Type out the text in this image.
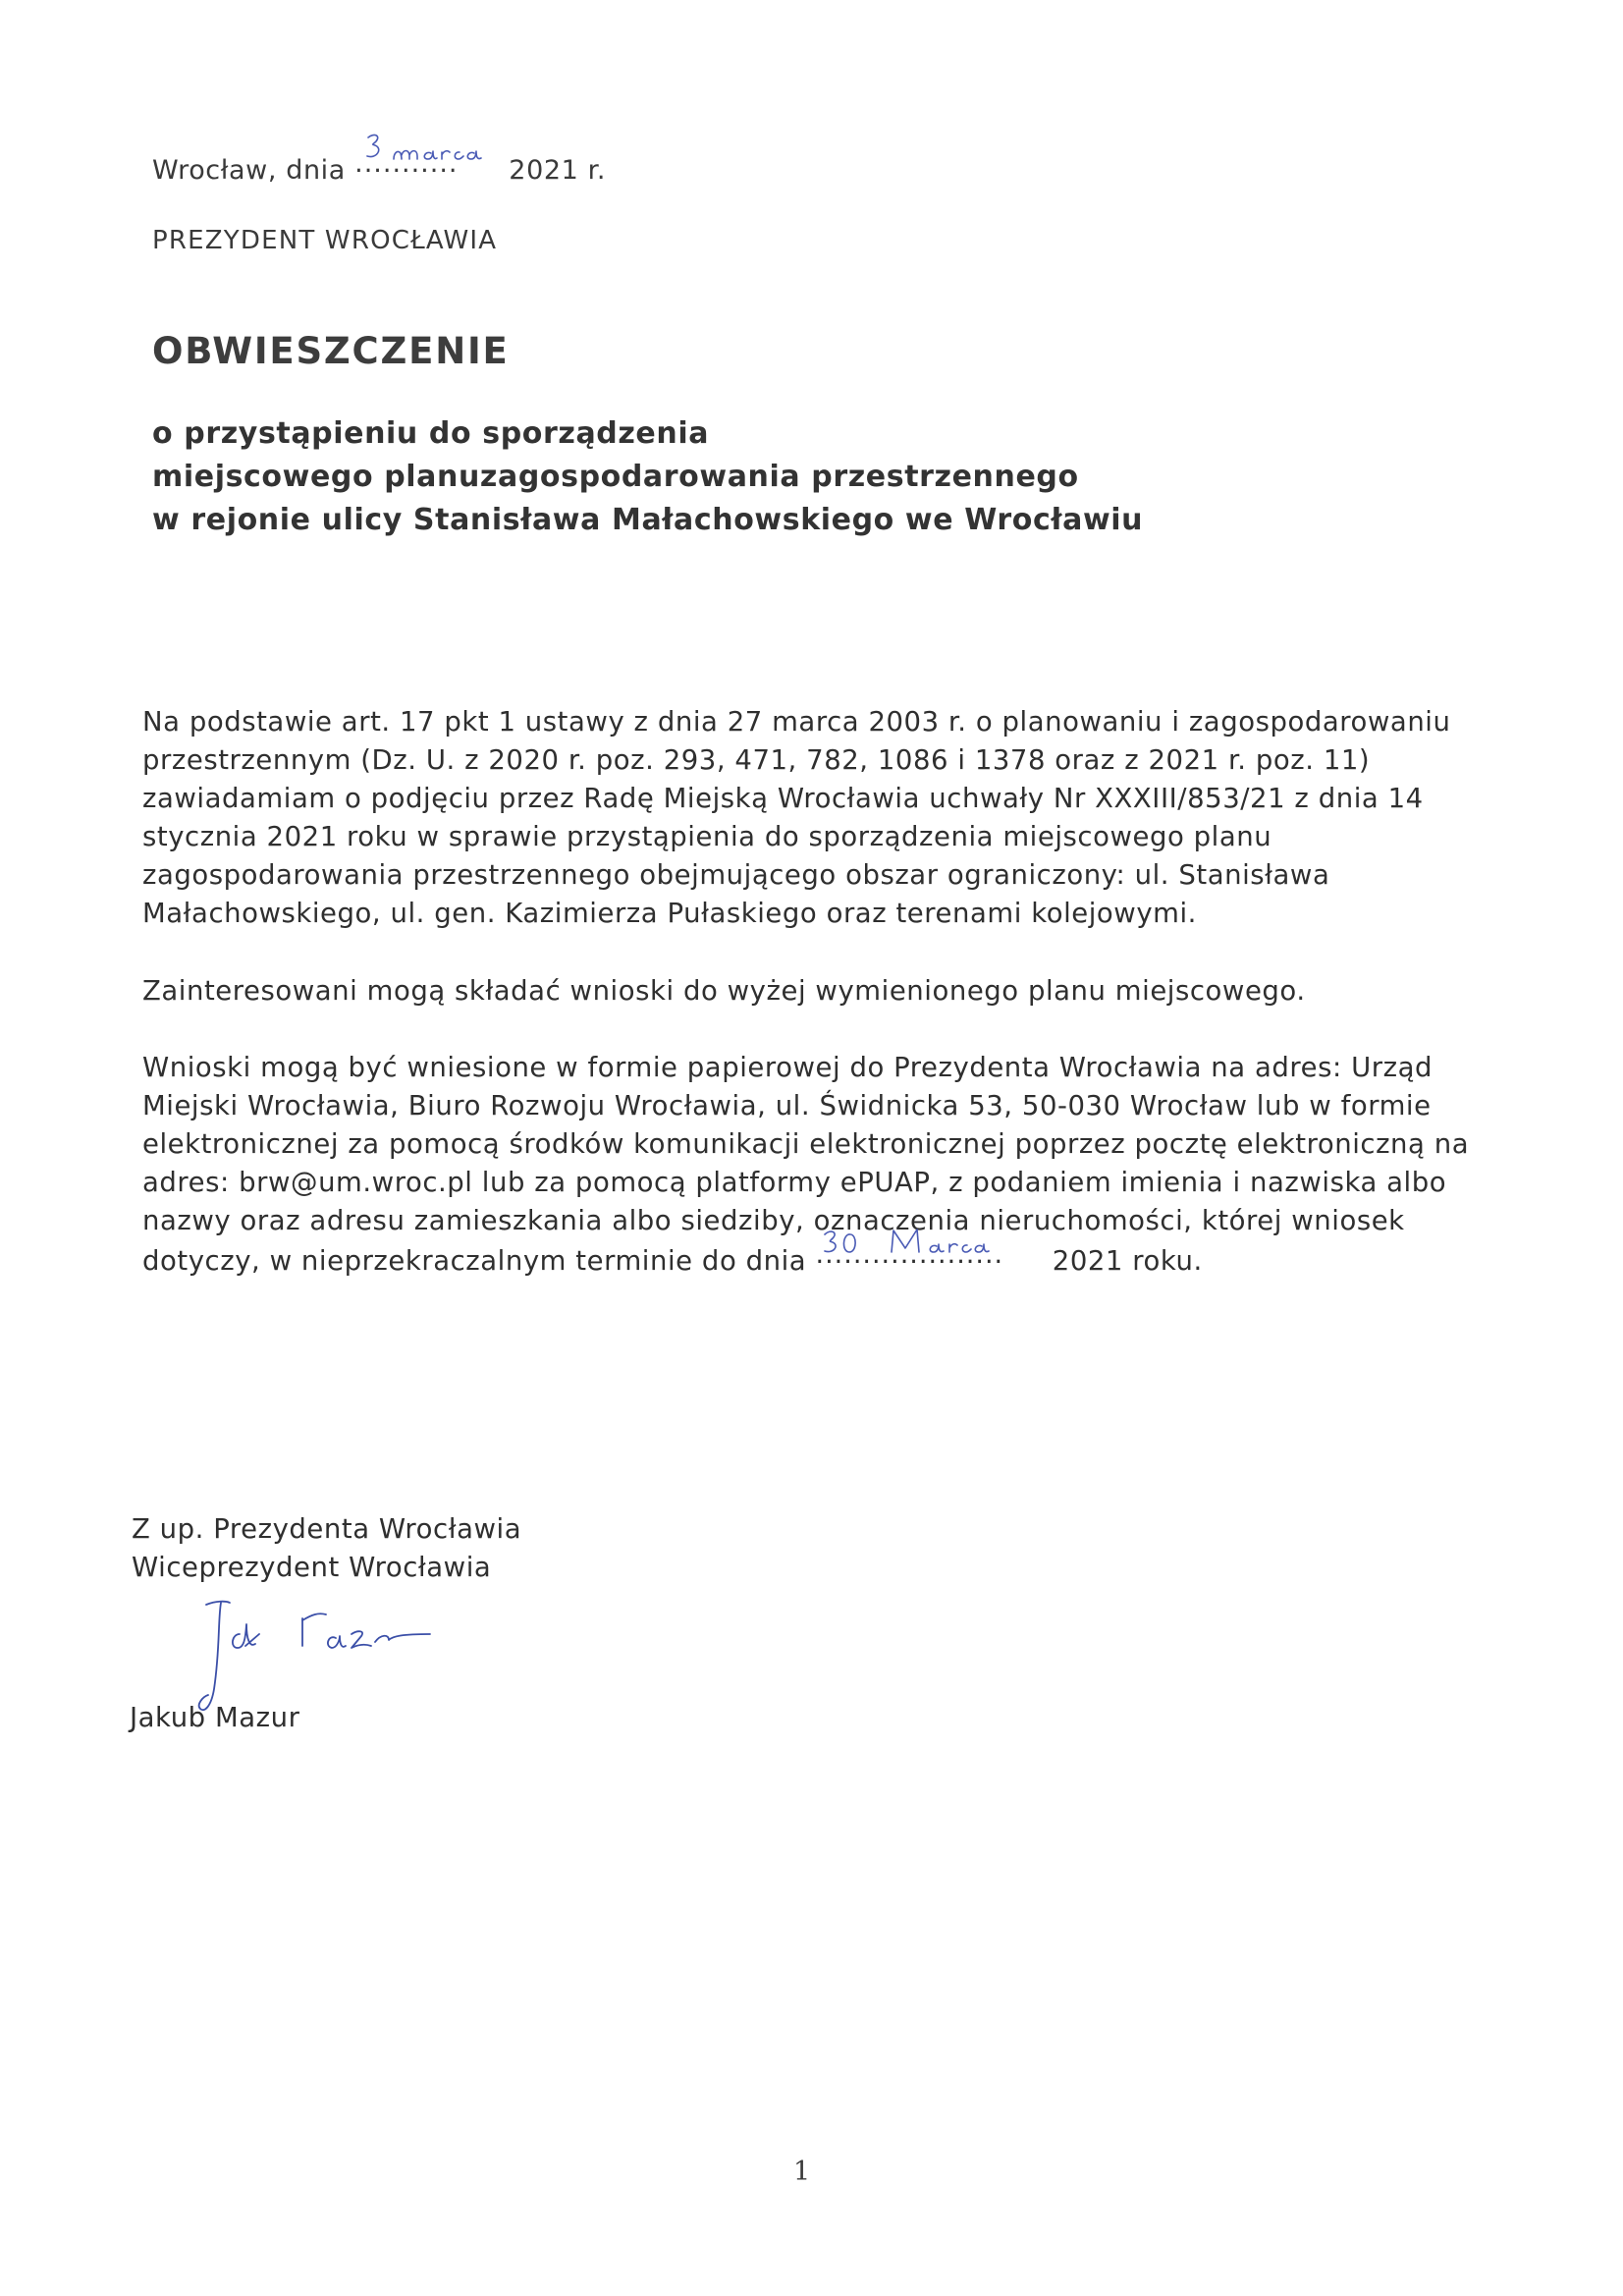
Wrocław, dnia ........... 2021 r.
PREZYDENT WROCŁAWIA
OBWIESZCZENIE
o przystąpieniu do sporządzenia
miejscowego planuzagospodarowania przestrzennego
w rejonie ulicy Stanisława Małachowskiego we Wrocławiu
Na podstawie art. 17 pkt 1 ustawy z dnia 27 marca 2003 r. o planowaniu i zagospodarowaniu
przestrzennym (Dz. U. z 2020 r. poz. 293, 471, 782, 1086 i 1378 oraz z 2021 r. poz. 11)
zawiadamiam o podjęciu przez Radę Miejską Wrocławia uchwały Nr XXXIII/853/21 z dnia 14
stycznia 2021 roku w sprawie przystąpienia do sporządzenia miejscowego planu
zagospodarowania przestrzennego obejmującego obszar ograniczony: ul. Stanisława
Małachowskiego, ul. gen. Kazimierza Pułaskiego oraz terenami kolejowymi.
Zainteresowani mogą składać wnioski do wyżej wymienionego planu miejscowego.
Wnioski mogą być wniesione w formie papierowej do Prezydenta Wrocławia na adres: Urząd
Miejski Wrocławia, Biuro Rozwoju Wrocławia, ul. Świdnicka 53, 50-030 Wrocław lub w formie
elektronicznej za pomocą środków komunikacji elektronicznej poprzez pocztę elektroniczną na
adres: brw@um.wroc.pl lub za pomocą platformy ePUAP, z podaniem imienia i nazwiska albo
nazwy oraz adresu zamieszkania albo siedziby, oznaczenia nieruchomości, której wniosek
dotyczy, w nieprzekraczalnym terminie do dnia .................... 2021 roku.
Z up. Prezydenta Wrocławia
Wiceprezydent Wrocławia
Jakub Mazur
1
